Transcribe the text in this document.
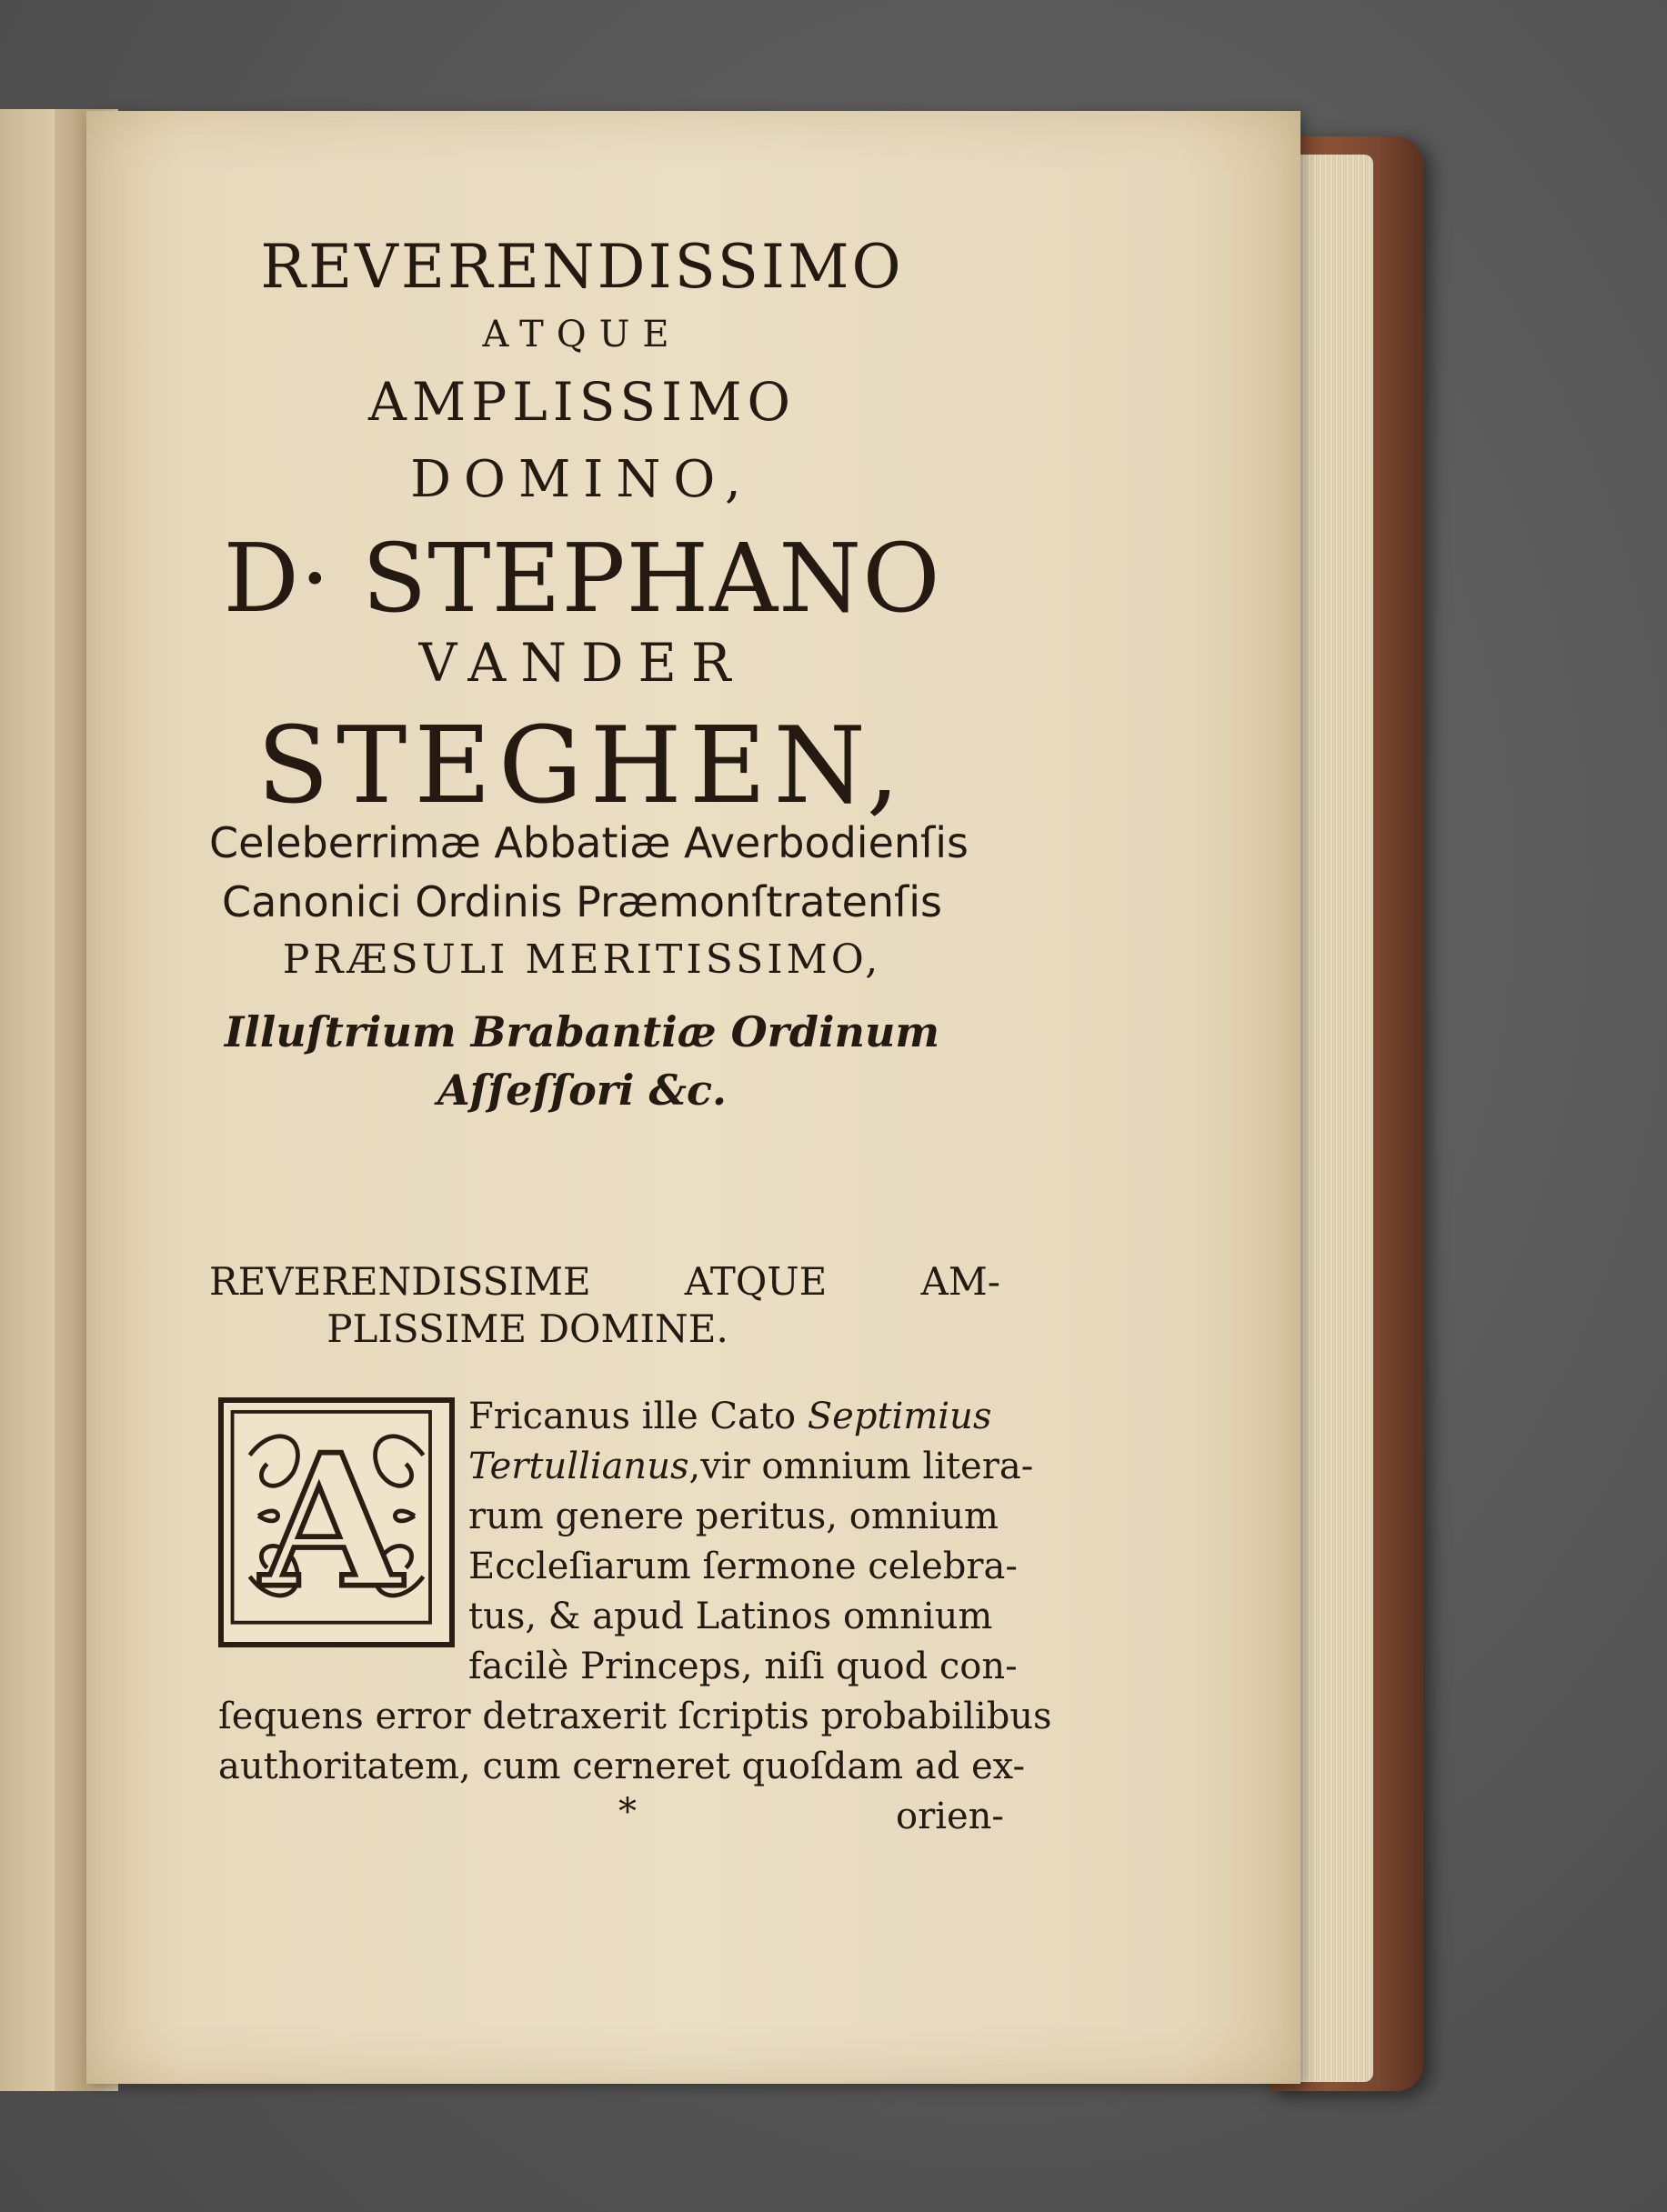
REVERENDISSIMO
ATQUE
AMPLISSIMO
DOMINO,
D· STEPHANO
VANDER
STEGHEN,
Celeberrimæ Abbatiæ Averbodienſis
Canonici Ordinis Præmonſtratenſis
PRÆSULI MERITISSIMO,
Illuſtrium Brabantiæ Ordinum
Aſſeſſori &c.
REVERENDISSIME ATQUE AM-
PLISSIME DOMINE.
A Fricanus ille Cato Septimius
Tertullianus,vir omnium litera-
rum genere peritus, omnium
Eccleſiarum ſermone celebra-
tus, & apud Latinos omnium
facilè Princeps, niſi quod con-
ſequens error detraxerit ſcriptis probabilibus
authoritatem, cum cerneret quoſdam ad ex-
*	orien-
